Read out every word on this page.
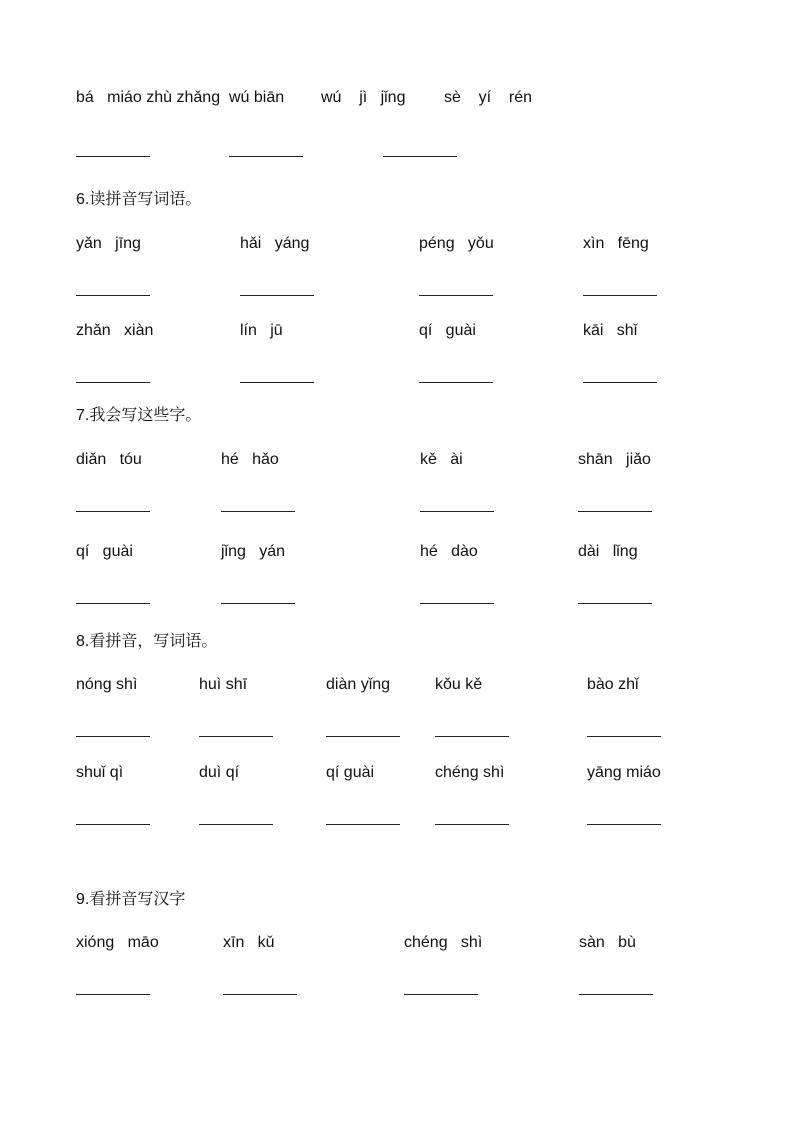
bá   miáo zhù zhǎng wú biān wú    jì   jǐng sè    yí    rén
6.读拼音写词语。
yǎn   jīng	hǎi   yáng	péng   yǒu	xìn   fēng
zhǎn   xiàn	lín   jū	qí   guài	kāi   shǐ
7.我会写这些字。
diǎn   tóu	hé   hǎo	kě   ài	shān   jiǎo
qí   guài	jǐng   yán	hé   dào	dài   lǐng
8.看拼音，写词语。
nóng shì	huì shī	diàn yǐng	kǒu kě	bào zhǐ
shuǐ qì	duì qí	qí guài	chéng shì	yāng miáo
9.看拼音写汉字
xióng   māo	xīn   kǔ	chéng   shì	sàn   bù
